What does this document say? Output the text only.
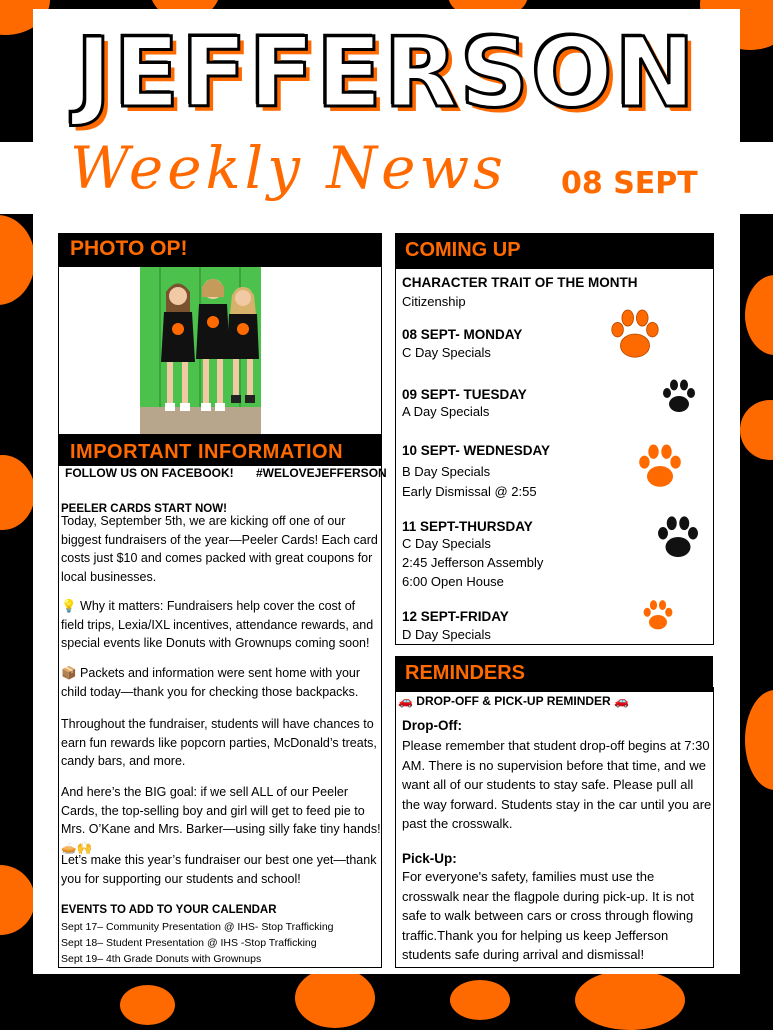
JEFFERSON
Weekly News 08 SEPT
PHOTO OP!
IMPORTANT INFORMATION
FOLLOW US ON FACEBOOK! #WELOVEJEFFERSON
PEELER CARDS START NOW!
Today, September 5th, we are kicking off one of our biggest fundraisers of the year—Peeler Cards! Each card costs just $10 and comes packed with great coupons for local businesses.
💡 Why it matters: Fundraisers help cover the cost of field trips, Lexia/IXL incentives, attendance rewards, and special events like Donuts with Grownups coming soon!
📦 Packets and information were sent home with your child today—thank you for checking those backpacks.
Throughout the fundraiser, students will have chances to earn fun rewards like popcorn parties, McDonald’s treats, candy bars, and more.
And here’s the BIG goal: if we sell ALL of our Peeler Cards, the top-selling boy and girl will get to feed pie to Mrs. O’Kane and Mrs. Barker—using silly fake tiny hands! 🥧🙌
Let’s make this year’s fundraiser our best one yet—thank you for supporting our students and school!
EVENTS TO ADD TO YOUR CALENDAR
Sept 17– Community Presentation @ IHS- Stop Trafficking
Sept 18– Student Presentation @ IHS -Stop Trafficking
Sept 19– 4th Grade Donuts with Grownups
COMING UP
CHARACTER TRAIT OF THE MONTH
Citizenship
08 SEPT- MONDAY
C Day Specials
09 SEPT- TUESDAY
A Day Specials
10 SEPT- WEDNESDAY
B Day Specials
Early Dismissal @ 2:55
11 SEPT-THURSDAY
C Day Specials
2:45 Jefferson Assembly
6:00 Open House
12 SEPT-FRIDAY
D Day Specials
REMINDERS
🚗 DROP-OFF & PICK-UP REMINDER 🚗
Drop-Off:
Please remember that student drop-off begins at 7:30 AM. There is no supervision before that time, and we want all of our students to stay safe. Please pull all the way forward. Students stay in the car until you are past the crosswalk.
Pick-Up:
For everyone's safety, families must use the crosswalk near the flagpole during pick-up. It is not safe to walk between cars or cross through flowing traffic.Thank you for helping us keep Jefferson students safe during arrival and dismissal!
